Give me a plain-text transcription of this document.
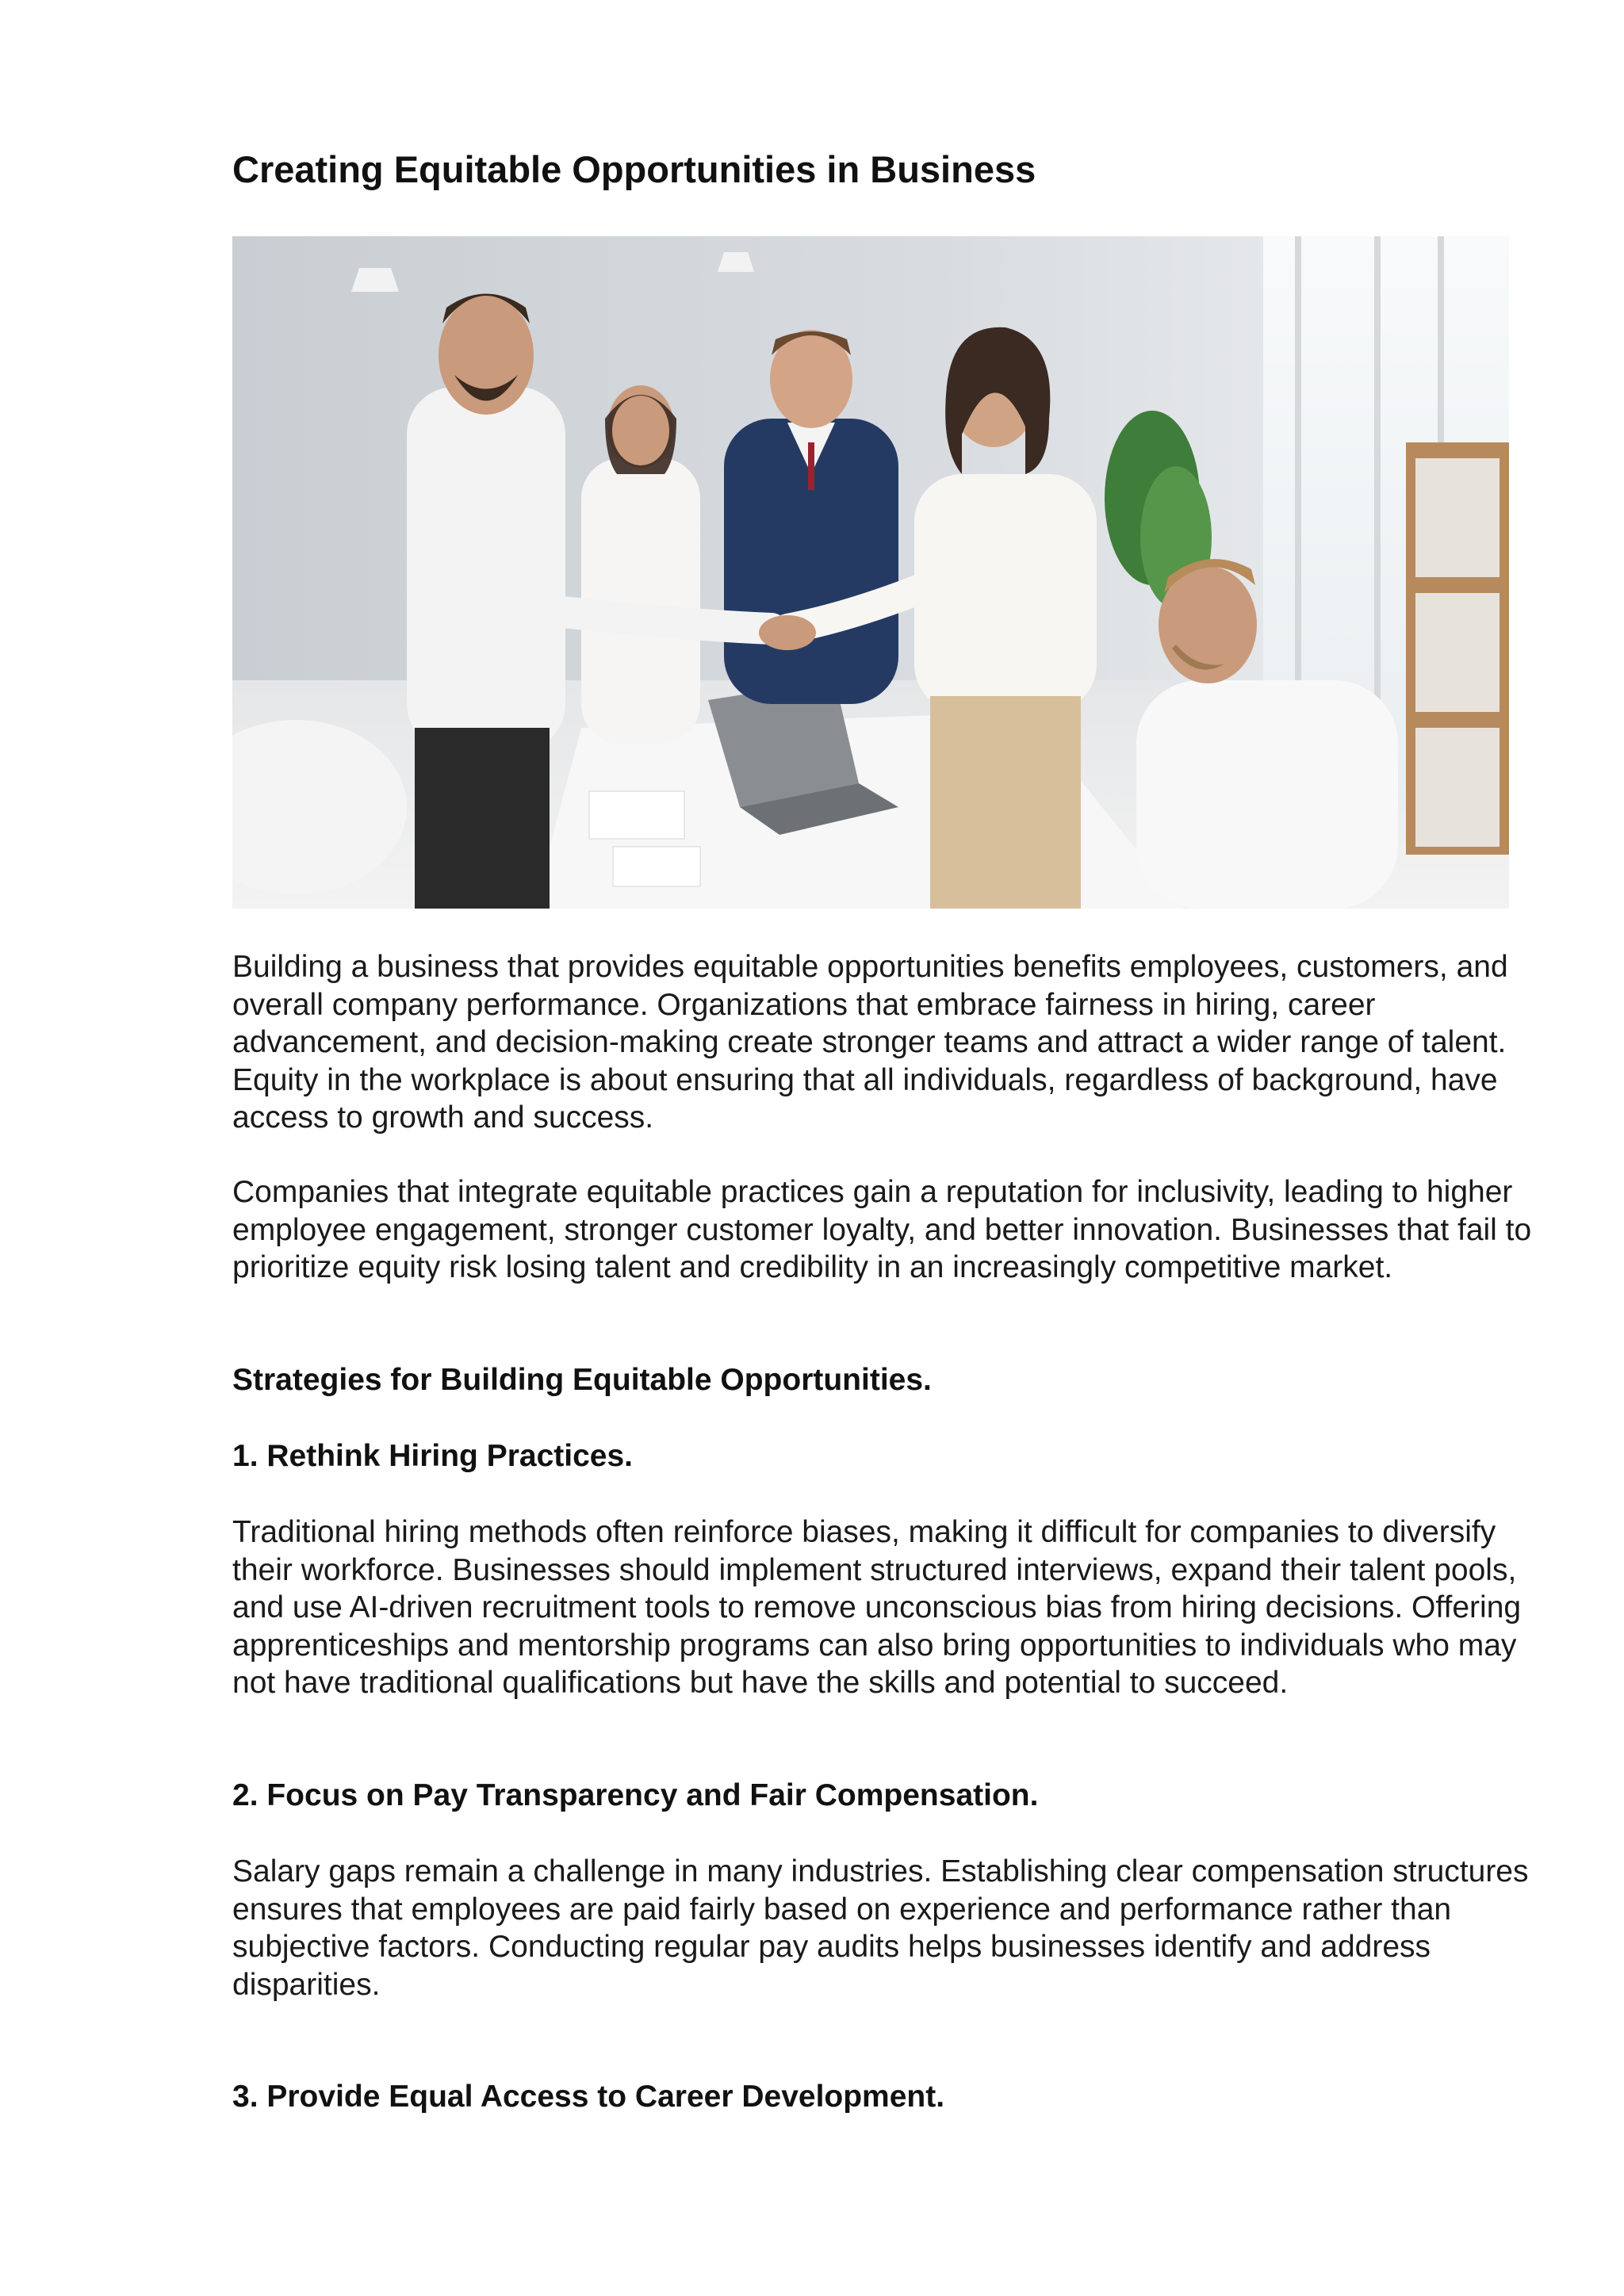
Creating Equitable Opportunities in Business

Building a business that provides equitable opportunities benefits employees, customers, and overall company performance. Organizations that embrace fairness in hiring, career advancement, and decision-making create stronger teams and attract a wider range of talent. Equity in the workplace is about ensuring that all individuals, regardless of background, have access to growth and success.

Companies that integrate equitable practices gain a reputation for inclusivity, leading to higher employee engagement, stronger customer loyalty, and better innovation. Businesses that fail to prioritize equity risk losing talent and credibility in an increasingly competitive market.

Strategies for Building Equitable Opportunities.
1. Rethink Hiring Practices.

Traditional hiring methods often reinforce biases, making it difficult for companies to diversify their workforce. Businesses should implement structured interviews, expand their talent pools, and use AI-driven recruitment tools to remove unconscious bias from hiring decisions. Offering apprenticeships and mentorship programs can also bring opportunities to individuals who may not have traditional qualifications but have the skills and potential to succeed.

2. Focus on Pay Transparency and Fair Compensation.

Salary gaps remain a challenge in many industries. Establishing clear compensation structures ensures that employees are paid fairly based on experience and performance rather than subjective factors. Conducting regular pay audits helps businesses identify and address disparities.

3. Provide Equal Access to Career Development.
